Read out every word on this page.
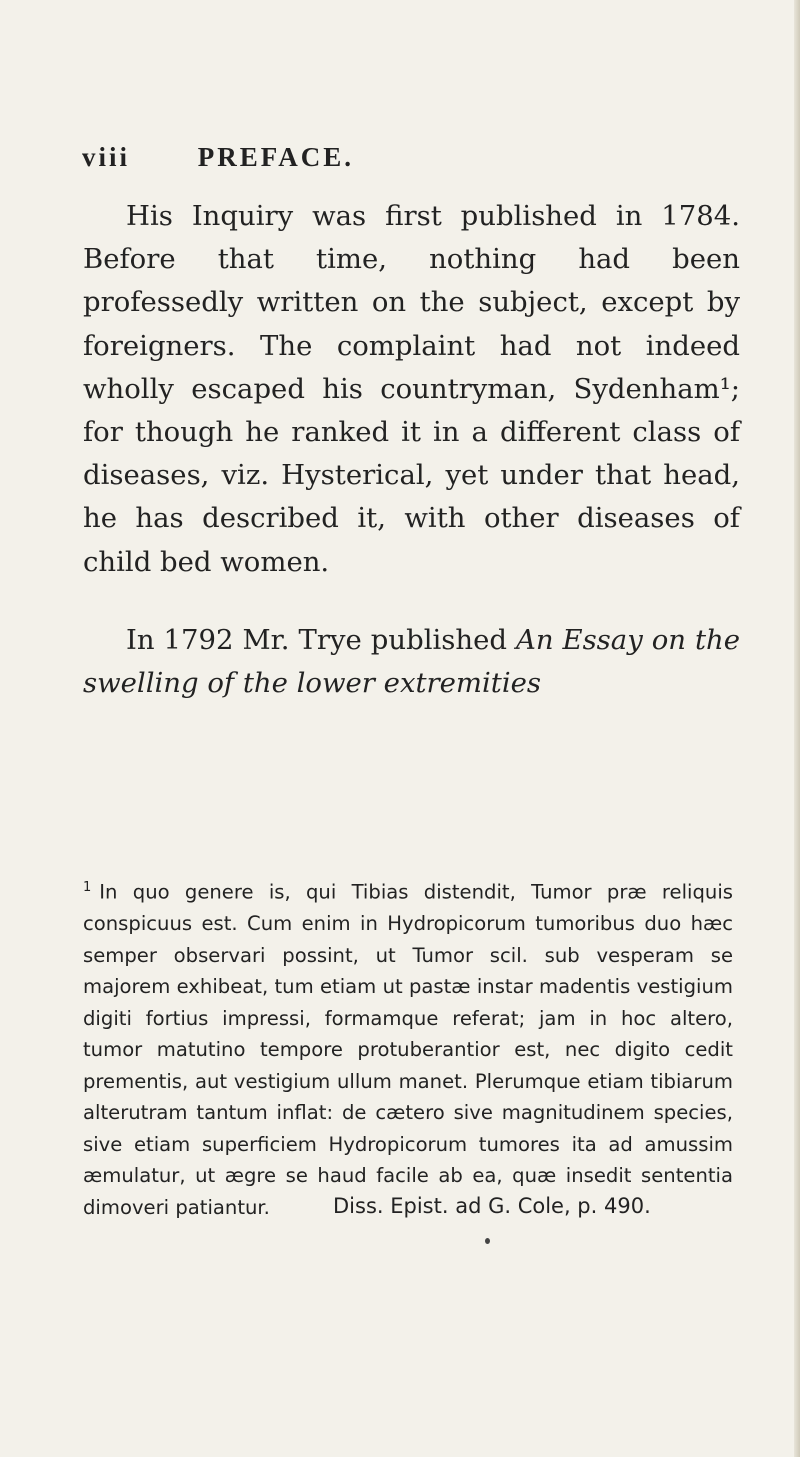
viii	PREFACE.

His Inquiry was first published in 1784. Before that time, nothing had been professedly written on the subject, except by foreigners. The complaint had not indeed wholly escaped his countryman, Sydenham¹; for though he ranked it in a different class of diseases, viz. Hysterical, yet under that head, he has described it, with other diseases of child bed women.

In 1792 Mr. Trye published An Essay on the swelling of the lower extremities

$^1$ In quo genere is, qui Tibias distendit, Tumor præ reliquis conspicuus est. Cum enim in Hydropicorum tumoribus duo hæc semper observari possint, ut Tumor scil. sub vesperam se majorem exhibeat, tum etiam ut pastæ instar madentis vestigium digiti fortius impressi, formamque referat; jam in hoc altero, tumor matutino tempore protuberantior est, nec digito cedit prementis, aut vestigium ullum manet. Plerumque etiam tibiarum alterutram tantum inflat: de cætero sive magnitudinem species, sive etiam superficiem Hydropicorum tumores ita ad amussim æmulatur, ut ægre se haud facile ab ea, quæ insedit sententia dimoveri patiantur.	Diss. Epist. ad G. Cole, p. 490.
